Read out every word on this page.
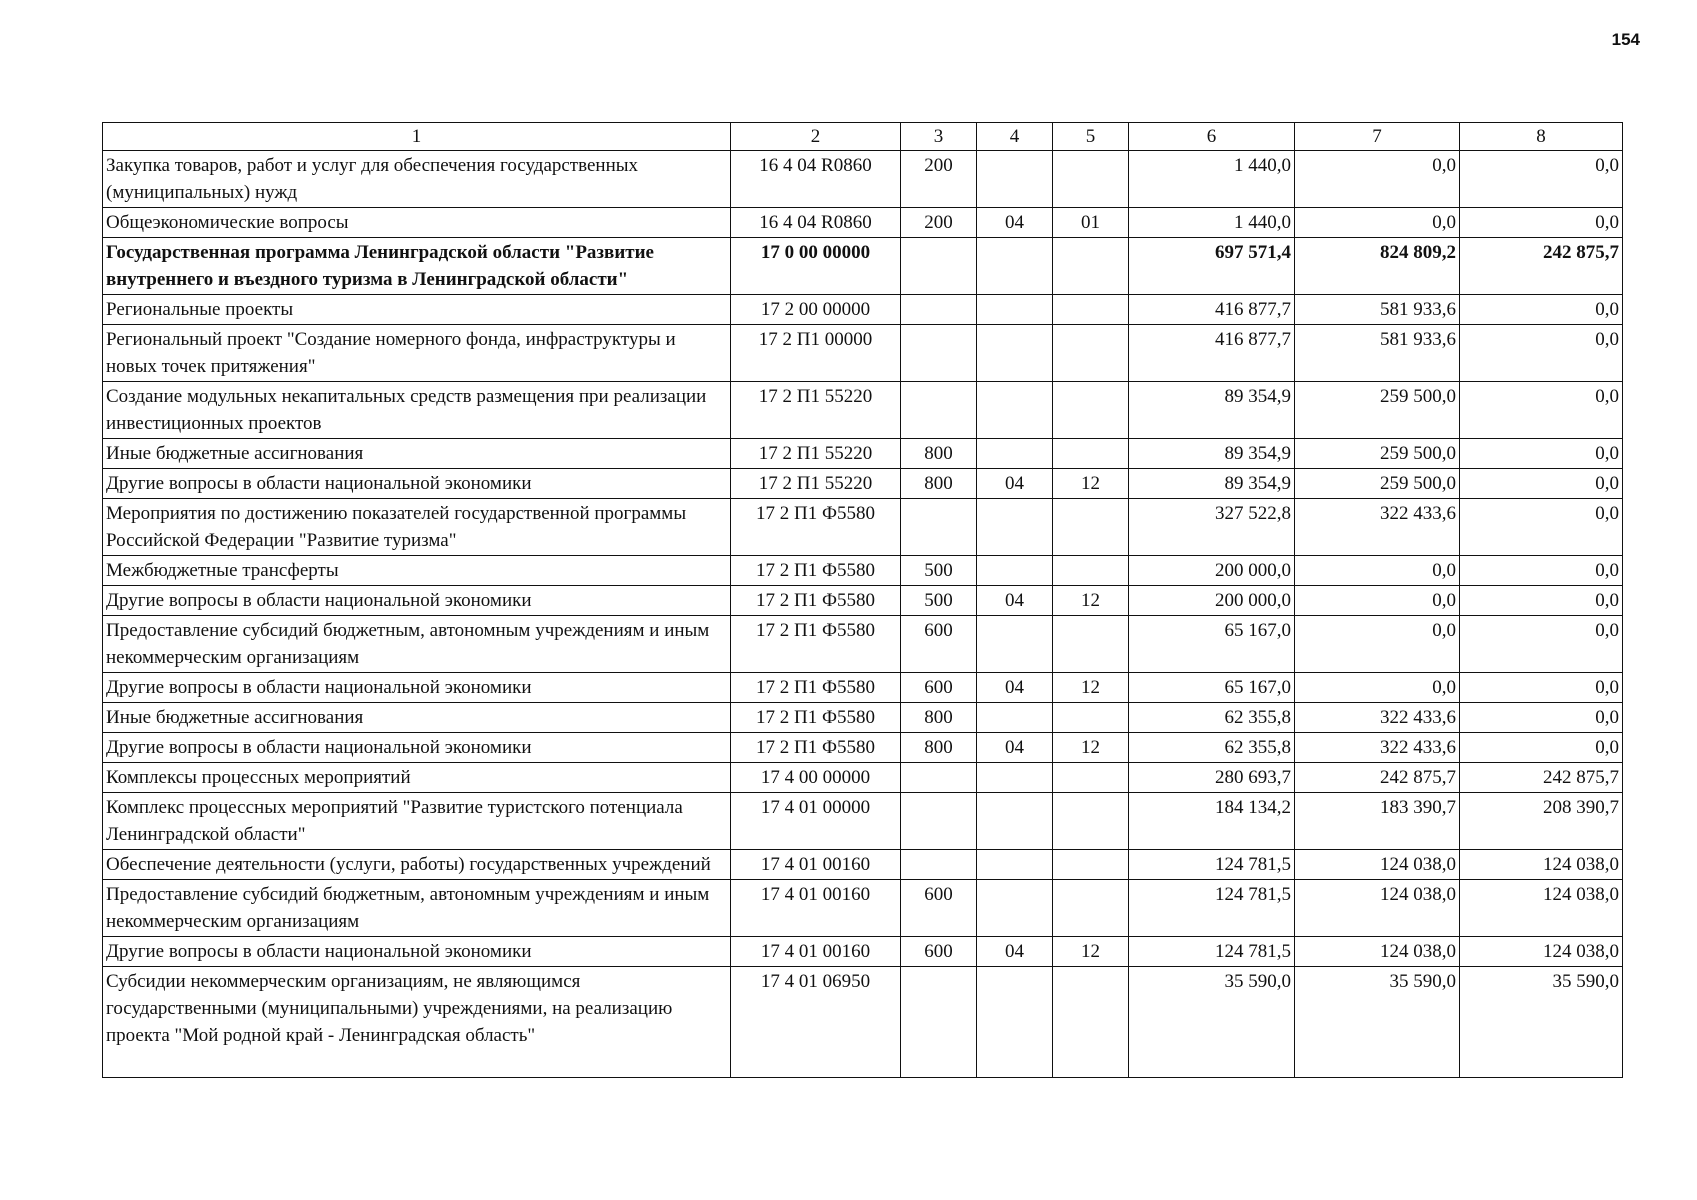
154
1	2	3	4	5	6	7	8
Закупка товаров, работ и услуг для обеспечения государственных (муниципальных) нужд	16 4 04 R0860	200			1 440,0	0,0	0,0
Общеэкономические вопросы	16 4 04 R0860	200	04	01	1 440,0	0,0	0,0
Государственная программа Ленинградской области "Развитие внутреннего и въездного туризма в Ленинградской области"	17 0 00 00000				697 571,4	824 809,2	242 875,7
Региональные проекты	17 2 00 00000				416 877,7	581 933,6	0,0
Региональный проект "Создание номерного фонда, инфраструктуры и новых точек притяжения"	17 2 П1 00000				416 877,7	581 933,6	0,0
Создание модульных некапитальных средств размещения при реализации инвестиционных проектов	17 2 П1 55220				89 354,9	259 500,0	0,0
Иные бюджетные ассигнования	17 2 П1 55220	800			89 354,9	259 500,0	0,0
Другие вопросы в области национальной экономики	17 2 П1 55220	800	04	12	89 354,9	259 500,0	0,0
Мероприятия по достижению показателей государственной программы Российской Федерации "Развитие туризма"	17 2 П1 Ф5580				327 522,8	322 433,6	0,0
Межбюджетные трансферты	17 2 П1 Ф5580	500			200 000,0	0,0	0,0
Другие вопросы в области национальной экономики	17 2 П1 Ф5580	500	04	12	200 000,0	0,0	0,0
Предоставление субсидий бюджетным, автономным учреждениям и иным некоммерческим организациям	17 2 П1 Ф5580	600			65 167,0	0,0	0,0
Другие вопросы в области национальной экономики	17 2 П1 Ф5580	600	04	12	65 167,0	0,0	0,0
Иные бюджетные ассигнования	17 2 П1 Ф5580	800			62 355,8	322 433,6	0,0
Другие вопросы в области национальной экономики	17 2 П1 Ф5580	800	04	12	62 355,8	322 433,6	0,0
Комплексы процессных мероприятий	17 4 00 00000				280 693,7	242 875,7	242 875,7
Комплекс процессных мероприятий "Развитие туристского потенциала Ленинградской области"	17 4 01 00000				184 134,2	183 390,7	208 390,7
Обеспечение деятельности (услуги, работы) государственных учреждений	17 4 01 00160				124 781,5	124 038,0	124 038,0
Предоставление субсидий бюджетным, автономным учреждениям и иным некоммерческим организациям	17 4 01 00160	600			124 781,5	124 038,0	124 038,0
Другие вопросы в области национальной экономики	17 4 01 00160	600	04	12	124 781,5	124 038,0	124 038,0
Субсидии некоммерческим организациям, не являющимся государственными (муниципальными) учреждениями, на реализацию проекта "Мой родной край - Ленинградская область"	17 4 01 06950				35 590,0	35 590,0	35 590,0
